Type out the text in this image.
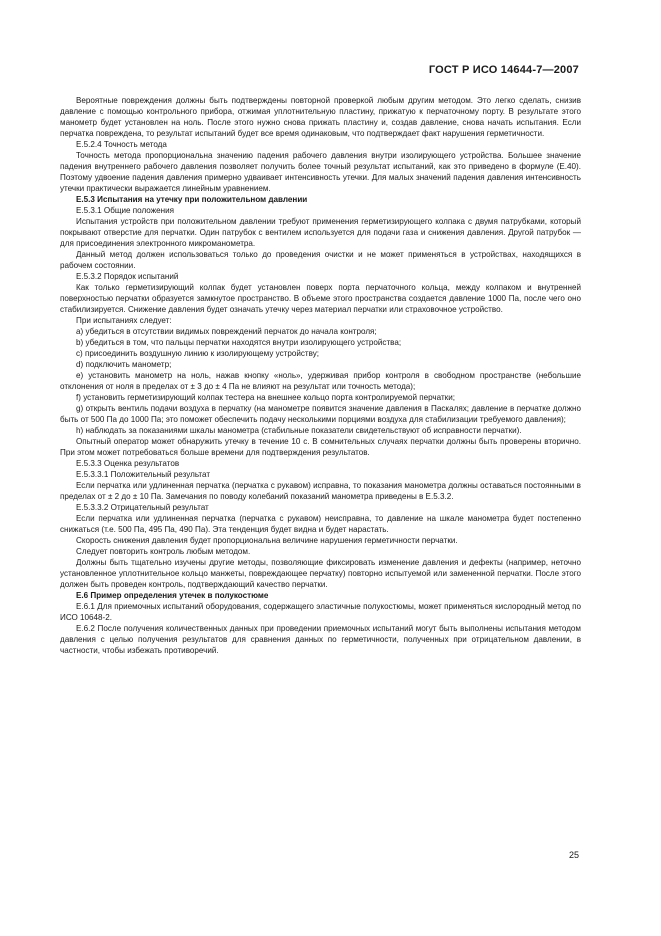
ГОСТ Р ИСО 14644-7—2007

Вероятные повреждения должны быть подтверждены повторной проверкой любым другим методом. Это легко сделать, снизив давление с помощью контрольного прибора, отжимая уплотнительную пластину, прижатую к перчаточному порту. В результате этого манометр будет установлен на ноль. После этого нужно снова прижать пластину и, создав давление, снова начать испытания. Если перчатка повреждена, то результат испытаний будет все время одинаковым, что подтверждает факт нарушения герметичности.

Е.5.2.4 Точность метода

Точность метода пропорциональна значению падения рабочего давления внутри изолирующего устройства. Большее значение падения внутреннего рабочего давления позволяет получить более точный результат испытаний, как это приведено в формуле (Е.40). Поэтому удвоение падения давления примерно удваивает интенсивность утечки. Для малых значений падения давления интенсивность утечки практически выражается линейным уравнением.

Е.5.3 Испытания на утечку при положительном давлении

Е.5.3.1 Общие положения

Испытания устройств при положительном давлении требуют применения герметизирующего колпака с двумя патрубками, который покрывают отверстие для перчатки. Один патрубок с вентилем используется для подачи газа и снижения давления. Другой патрубок — для присоединения электронного микроманометра.

Данный метод должен использоваться только до проведения очистки и не может применяться в устройствах, находящихся в рабочем состоянии.

Е.5.3.2 Порядок испытаний

Как только герметизирующий колпак будет установлен поверх порта перчаточного кольца, между колпаком и внутренней поверхностью перчатки образуется замкнутое пространство. В объеме этого пространства создается давление 1000 Па, после чего оно стабилизируется. Снижение давления будет означать утечку через материал перчатки или страховочное устройство.

При испытаниях следует:

a) убедиться в отсутствии видимых повреждений перчаток до начала контроля;

b) убедиться в том, что пальцы перчатки находятся внутри изолирующего устройства;

c) присоединить воздушную линию к изолирующему устройству;

d) подключить манометр;

e) установить манометр на ноль, нажав кнопку «ноль», удерживая прибор контроля в свободном пространстве (небольшие отклонения от ноля в пределах от ± 3 до ± 4 Па не влияют на результат или точность метода);

f) установить герметизирующий колпак тестера на внешнее кольцо порта контролируемой перчатки;

g) открыть вентиль подачи воздуха в перчатку (на манометре появится значение давления в Паскалях; давление в перчатке должно быть от 500 Па до 1000 Па; это поможет обеспечить подачу несколькими порциями воздуха для стабилизации требуемого давления);

h) наблюдать за показаниями шкалы манометра (стабильные показатели свидетельствуют об исправности перчатки).

Опытный оператор может обнаружить утечку в течение 10 с. В сомнительных случаях перчатки должны быть проверены вторично. При этом может потребоваться больше времени для подтверждения результатов.

Е.5.3.3 Оценка результатов

Е.5.3.3.1 Положительный результат

Если перчатка или удлиненная перчатка (перчатка с рукавом) исправна, то показания манометра должны оставаться постоянными в пределах от ± 2 до ± 10 Па. Замечания по поводу колебаний показаний манометра приведены в Е.5.3.2.

Е.5.3.3.2 Отрицательный результат

Если перчатка или удлиненная перчатка (перчатка с рукавом) неисправна, то давление на шкале манометра будет постепенно снижаться (т.е. 500 Па, 495 Па, 490 Па). Эта тенденция будет видна и будет нарастать.

Скорость снижения давления будет пропорциональна величине нарушения герметичности перчатки.

Следует повторить контроль любым методом.

Должны быть тщательно изучены другие методы, позволяющие фиксировать изменение давления и дефекты (например, неточно установленное уплотнительное кольцо манжеты, повреждающее перчатку) повторно испытуемой или замененной перчатки. После этого должен быть проведен контроль, подтверждающий качество перчатки.

Е.6 Пример определения утечек в полукостюме

Е.6.1 Для приемочных испытаний оборудования, содержащего эластичные полукостюмы, может применяться кислородный метод по ИСО 10648-2.

Е.6.2 После получения количественных данных при проведении приемочных испытаний могут быть выполнены испытания методом давления с целью получения результатов для сравнения данных по герметичности, полученных при отрицательном давлении, в частности, чтобы избежать противоречий.

25
